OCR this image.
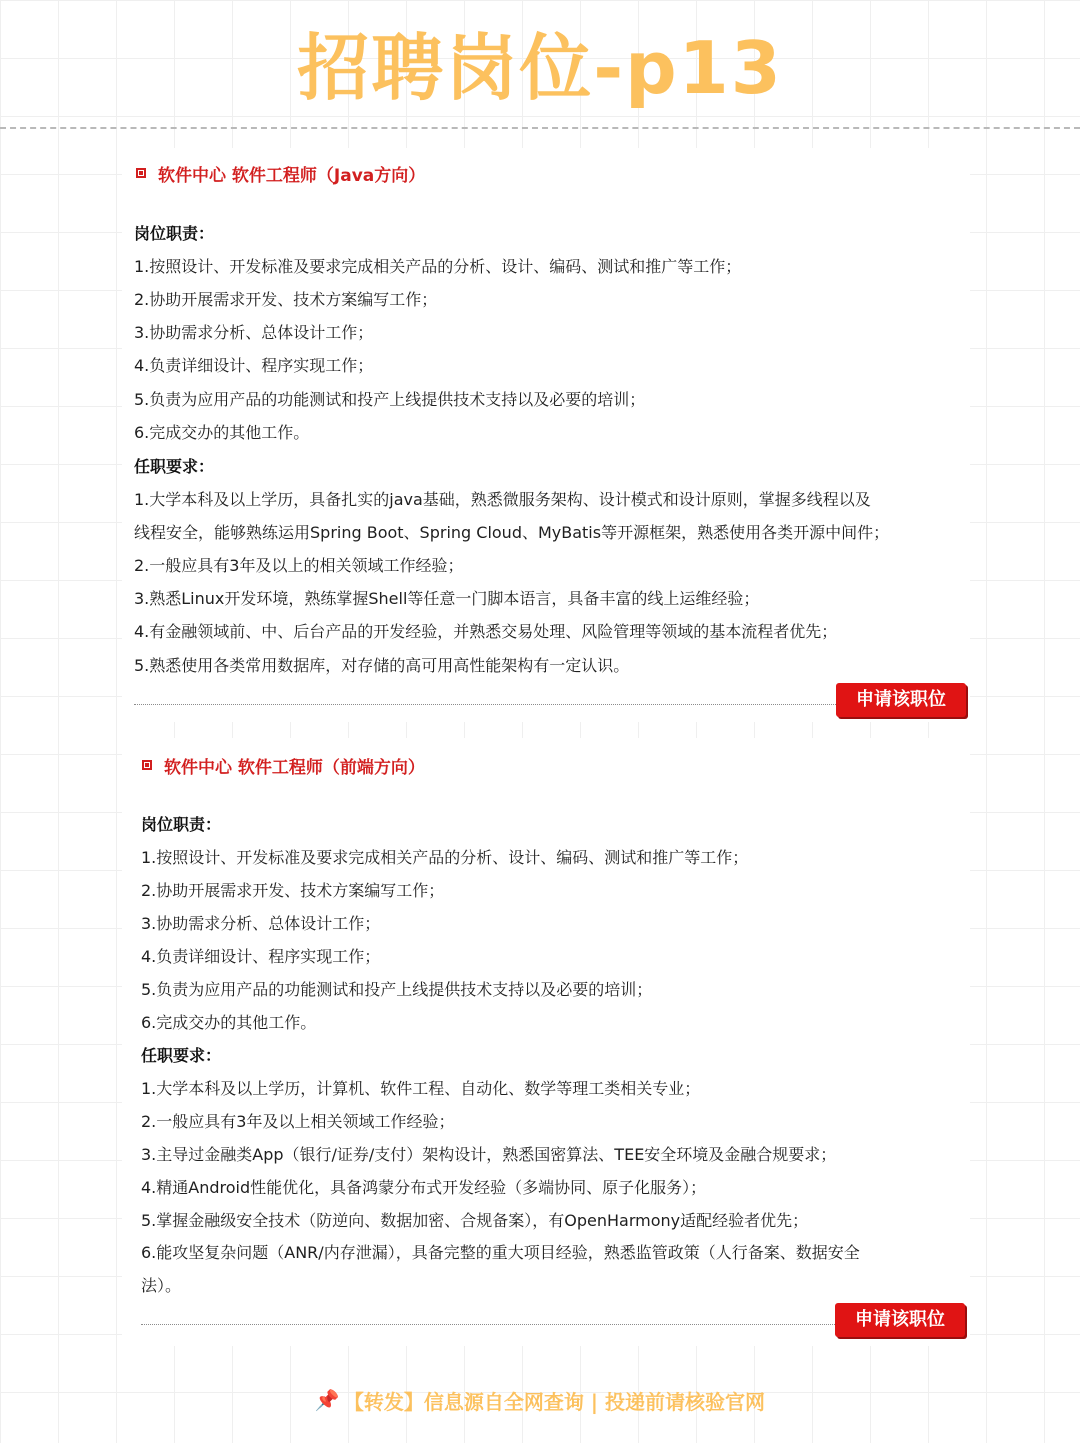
招聘岗位-p13
软件中心 软件工程师（Java方向）
岗位职责：
1.按照设计、开发标准及要求完成相关产品的分析、设计、编码、测试和推广等工作；
2.协助开展需求开发、技术方案编写工作；
3.协助需求分析、总体设计工作；
4.负责详细设计、程序实现工作；
5.负责为应用产品的功能测试和投产上线提供技术支持以及必要的培训；
6.完成交办的其他工作。
任职要求：
1.大学本科及以上学历，具备扎实的java基础，熟悉微服务架构、设计模式和设计原则，掌握多线程以及
线程安全，能够熟练运用Spring Boot、Spring Cloud、MyBatis等开源框架，熟悉使用各类开源中间件；
2.一般应具有3年及以上的相关领域工作经验；
3.熟悉Linux开发环境，熟练掌握Shell等任意一门脚本语言，具备丰富的线上运维经验；
4.有金融领域前、中、后台产品的开发经验，并熟悉交易处理、风险管理等领域的基本流程者优先；
5.熟悉使用各类常用数据库，对存储的高可用高性能架构有一定认识。
申请该职位
软件中心 软件工程师（前端方向）
岗位职责：
1.按照设计、开发标准及要求完成相关产品的分析、设计、编码、测试和推广等工作；
2.协助开展需求开发、技术方案编写工作；
3.协助需求分析、总体设计工作；
4.负责详细设计、程序实现工作；
5.负责为应用产品的功能测试和投产上线提供技术支持以及必要的培训；
6.完成交办的其他工作。
任职要求：
1.大学本科及以上学历，计算机、软件工程、自动化、数学等理工类相关专业；
2.一般应具有3年及以上相关领域工作经验；
3.主导过金融类App（银行/证券/支付）架构设计，熟悉国密算法、TEE安全环境及金融合规要求；
4.精通Android性能优化，具备鸿蒙分布式开发经验（多端协同、原子化服务）；
5.掌握金融级安全技术（防逆向、数据加密、合规备案），有OpenHarmony适配经验者优先；
6.能攻坚复杂问题（ANR/内存泄漏），具备完整的重大项目经验，熟悉监管政策（人行备案、数据安全
法）。
申请该职位
📌 【转发】信息源自全网查询 | 投递前请核验官网
